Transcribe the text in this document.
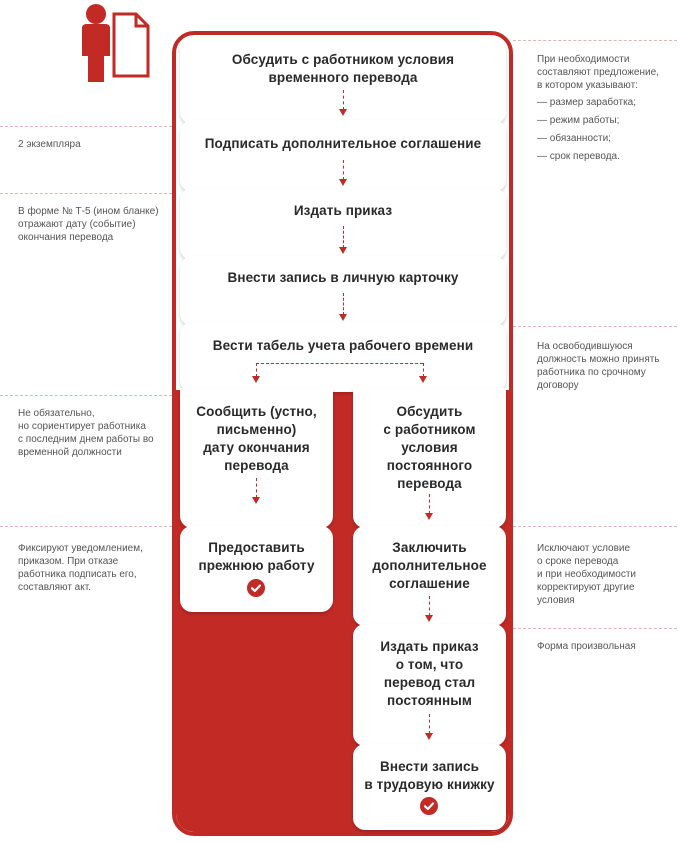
Обсудить с работником условия
временного перевода
Подписать дополнительное соглашение
Издать приказ
Внести запись в личную карточку
Вести табель учета рабочего времени
Сообщить (устно,
письменно)
дату окончания
перевода
Предоставить
прежнюю работу
Обсудить
с работником
условия
постоянного
перевода
Заключить
дополнительное
соглашение
Издать приказ
о том, что
перевод стал
постоянным
Внести запись
в трудовую книжку
При необходимости
составляют предложение,
в котором указывают:
— размер заработка;
— режим работы;
— обязанности;
— срок перевода.
На освободившуюся
должность можно принять
работника по срочному
договору
Исключают условие
о сроке перевода
и при необходимости
корректируют другие
условия
Форма произвольная
2 экземпляра
В форме № Т-5 (ином бланке)
отражают дату (событие)
окончания перевода
Не обязательно,
но сориентирует работника
с последним днем работы во
временной должности
Фиксируют уведомлением,
приказом. При отказе
работника подписать его,
составляют акт.
